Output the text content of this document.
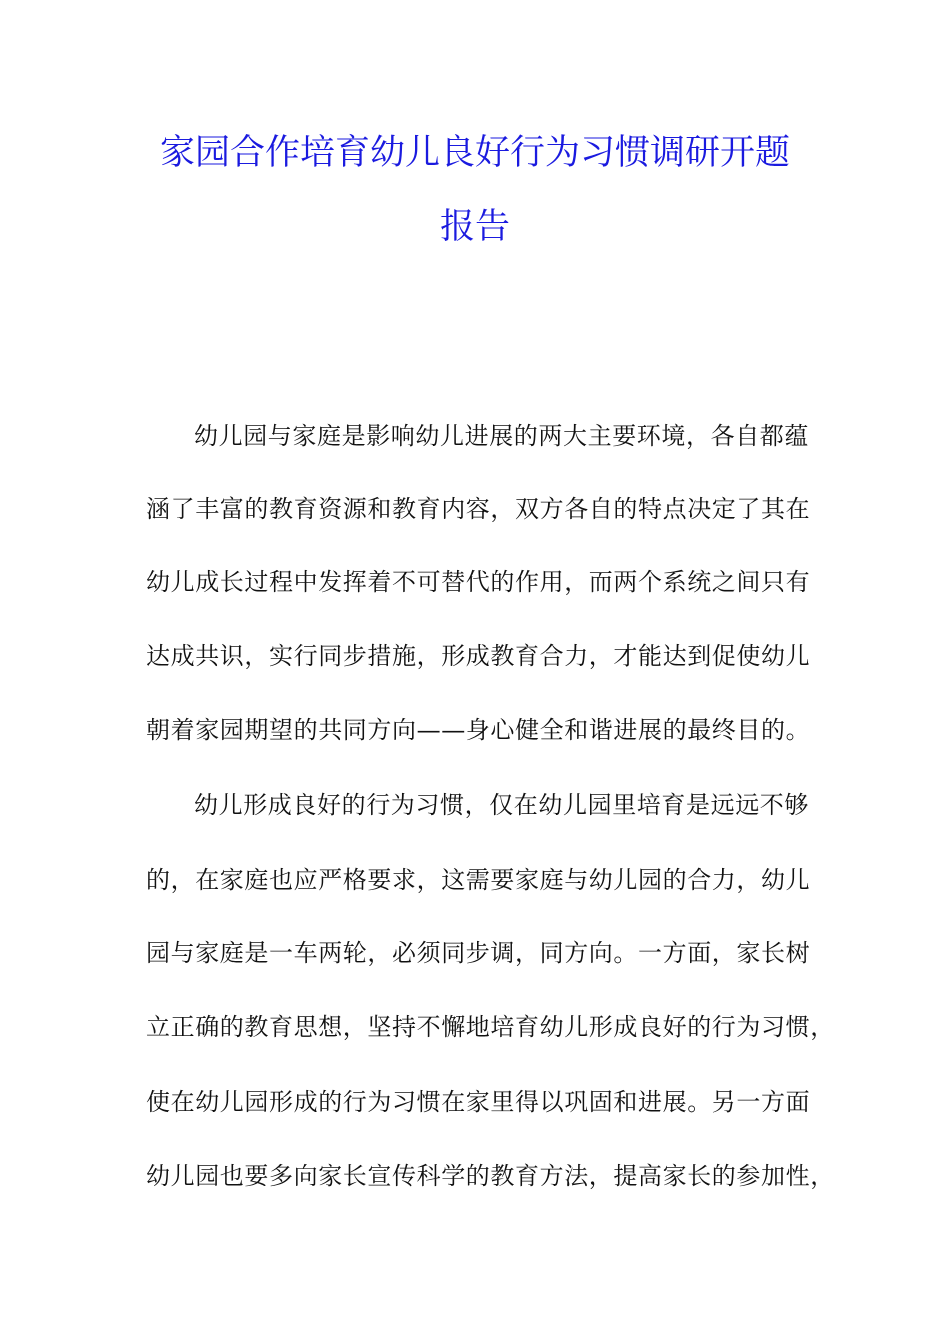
家园合作培育幼儿良好行为习惯调研开题
报告
幼儿园与家庭是影响幼儿进展的两大主要环境，各自都蕴
涵了丰富的教育资源和教育内容，双方各自的特点决定了其在
幼儿成长过程中发挥着不可替代的作用，而两个系统之间只有
达成共识，实行同步措施，形成教育合力，才能达到促使幼儿
朝着家园期望的共同方向——身心健全和谐进展的最终目的。
幼儿形成良好的行为习惯，仅在幼儿园里培育是远远不够
的，在家庭也应严格要求，这需要家庭与幼儿园的合力，幼儿
园与家庭是一车两轮，必须同步调，同方向。一方面，家长树
立正确的教育思想，坚持不懈地培育幼儿形成良好的行为习惯，
使在幼儿园形成的行为习惯在家里得以巩固和进展。另一方面
幼儿园也要多向家长宣传科学的教育方法，提高家长的参加性，
